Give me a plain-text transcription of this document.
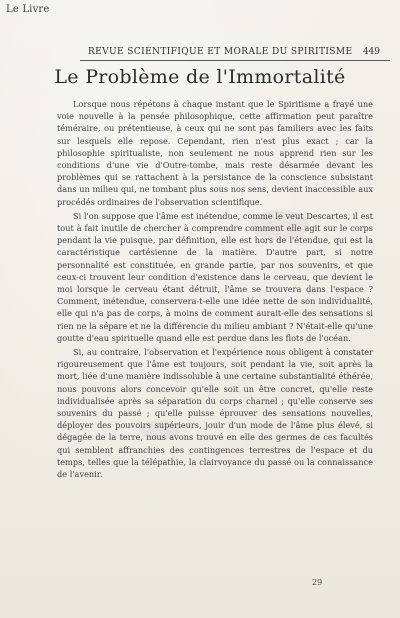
Le Livre
REVUE SCIENTIFIQUE ET MORALE DU SPIRITISME 449
Le Problème de l'Immortalité

Lorsque nous répétons à chaque instant que le Spiritisme a frayé une voie nouvelle à la pensée philosophique, cette affirmation peut paraître téméraire, ou prétentieuse, à ceux qui ne sont pas familiers avec les faits sur lesquels elle repose. Cependant, rien n'est plus exact ; car la philosophie spiritualiste, non seulement ne nous apprend rien sur les conditions d'une vie d'Outre-tombe, mais reste désarmée devant les problèmes qui se rattachent à la persistance de la conscience subsistant dans un milieu qui, ne tombant plus sous nos sens, devient inaccessible aux procédés ordinaires de l'observation scientifique.

Si l'on suppose que l'âme est inétendue, comme le veut Descartes, il est tout à fait inutile de chercher à comprendre comment elle agit sur le corps pendant la vie puisque, par définition, elle est hors de l'étendue, qui est la caractéristique cartésienne de la matière. D'autre part, si notre personnalité est constituée, en grande partie, par nos souvenirs, et que ceux-ci trouvent leur condition d'existence dans le cerveau, que devient le moi lorsque le cerveau étant détruit, l'âme se trouvera dans l'espace ? Comment, inétendue, conservera-t-elle une idée nette de son individualité, elle qui n'a pas de corps, à moins de comment aurait-elle des sensations si rien ne la sépare et ne la différencie du milieu ambiant ? N'était-elle qu'une goutte d'eau spirituelle quand elle est perdue dans les flots de l'océan.

Si, au contraire, l'observation et l'expérience nous obligent à constater rigoureusement que l'âme est toujours, soit pendant la vie, soit après la mort, liée d'une manière indissoluble à une certaine substantialité éthérée, nous pouvons alors concevoir qu'elle soit un être concret, qu'elle reste individualisée après sa séparation du corps charnel ; qu'elle conserve ses souvenirs du passé ; qu'elle puisse éprouver des sensations nouvelles, déployer des pouvoirs supérieurs, jouir d'un mode de l'âme plus élevé, si dégagée de la terre, nous avons trouvé en elle des germes de ces facultés qui semblent affranchies des contingences terrestres de l'espace et du temps, telles que la télépathie, la clairvoyance du passé ou la connaissance de l'avenir.

29
